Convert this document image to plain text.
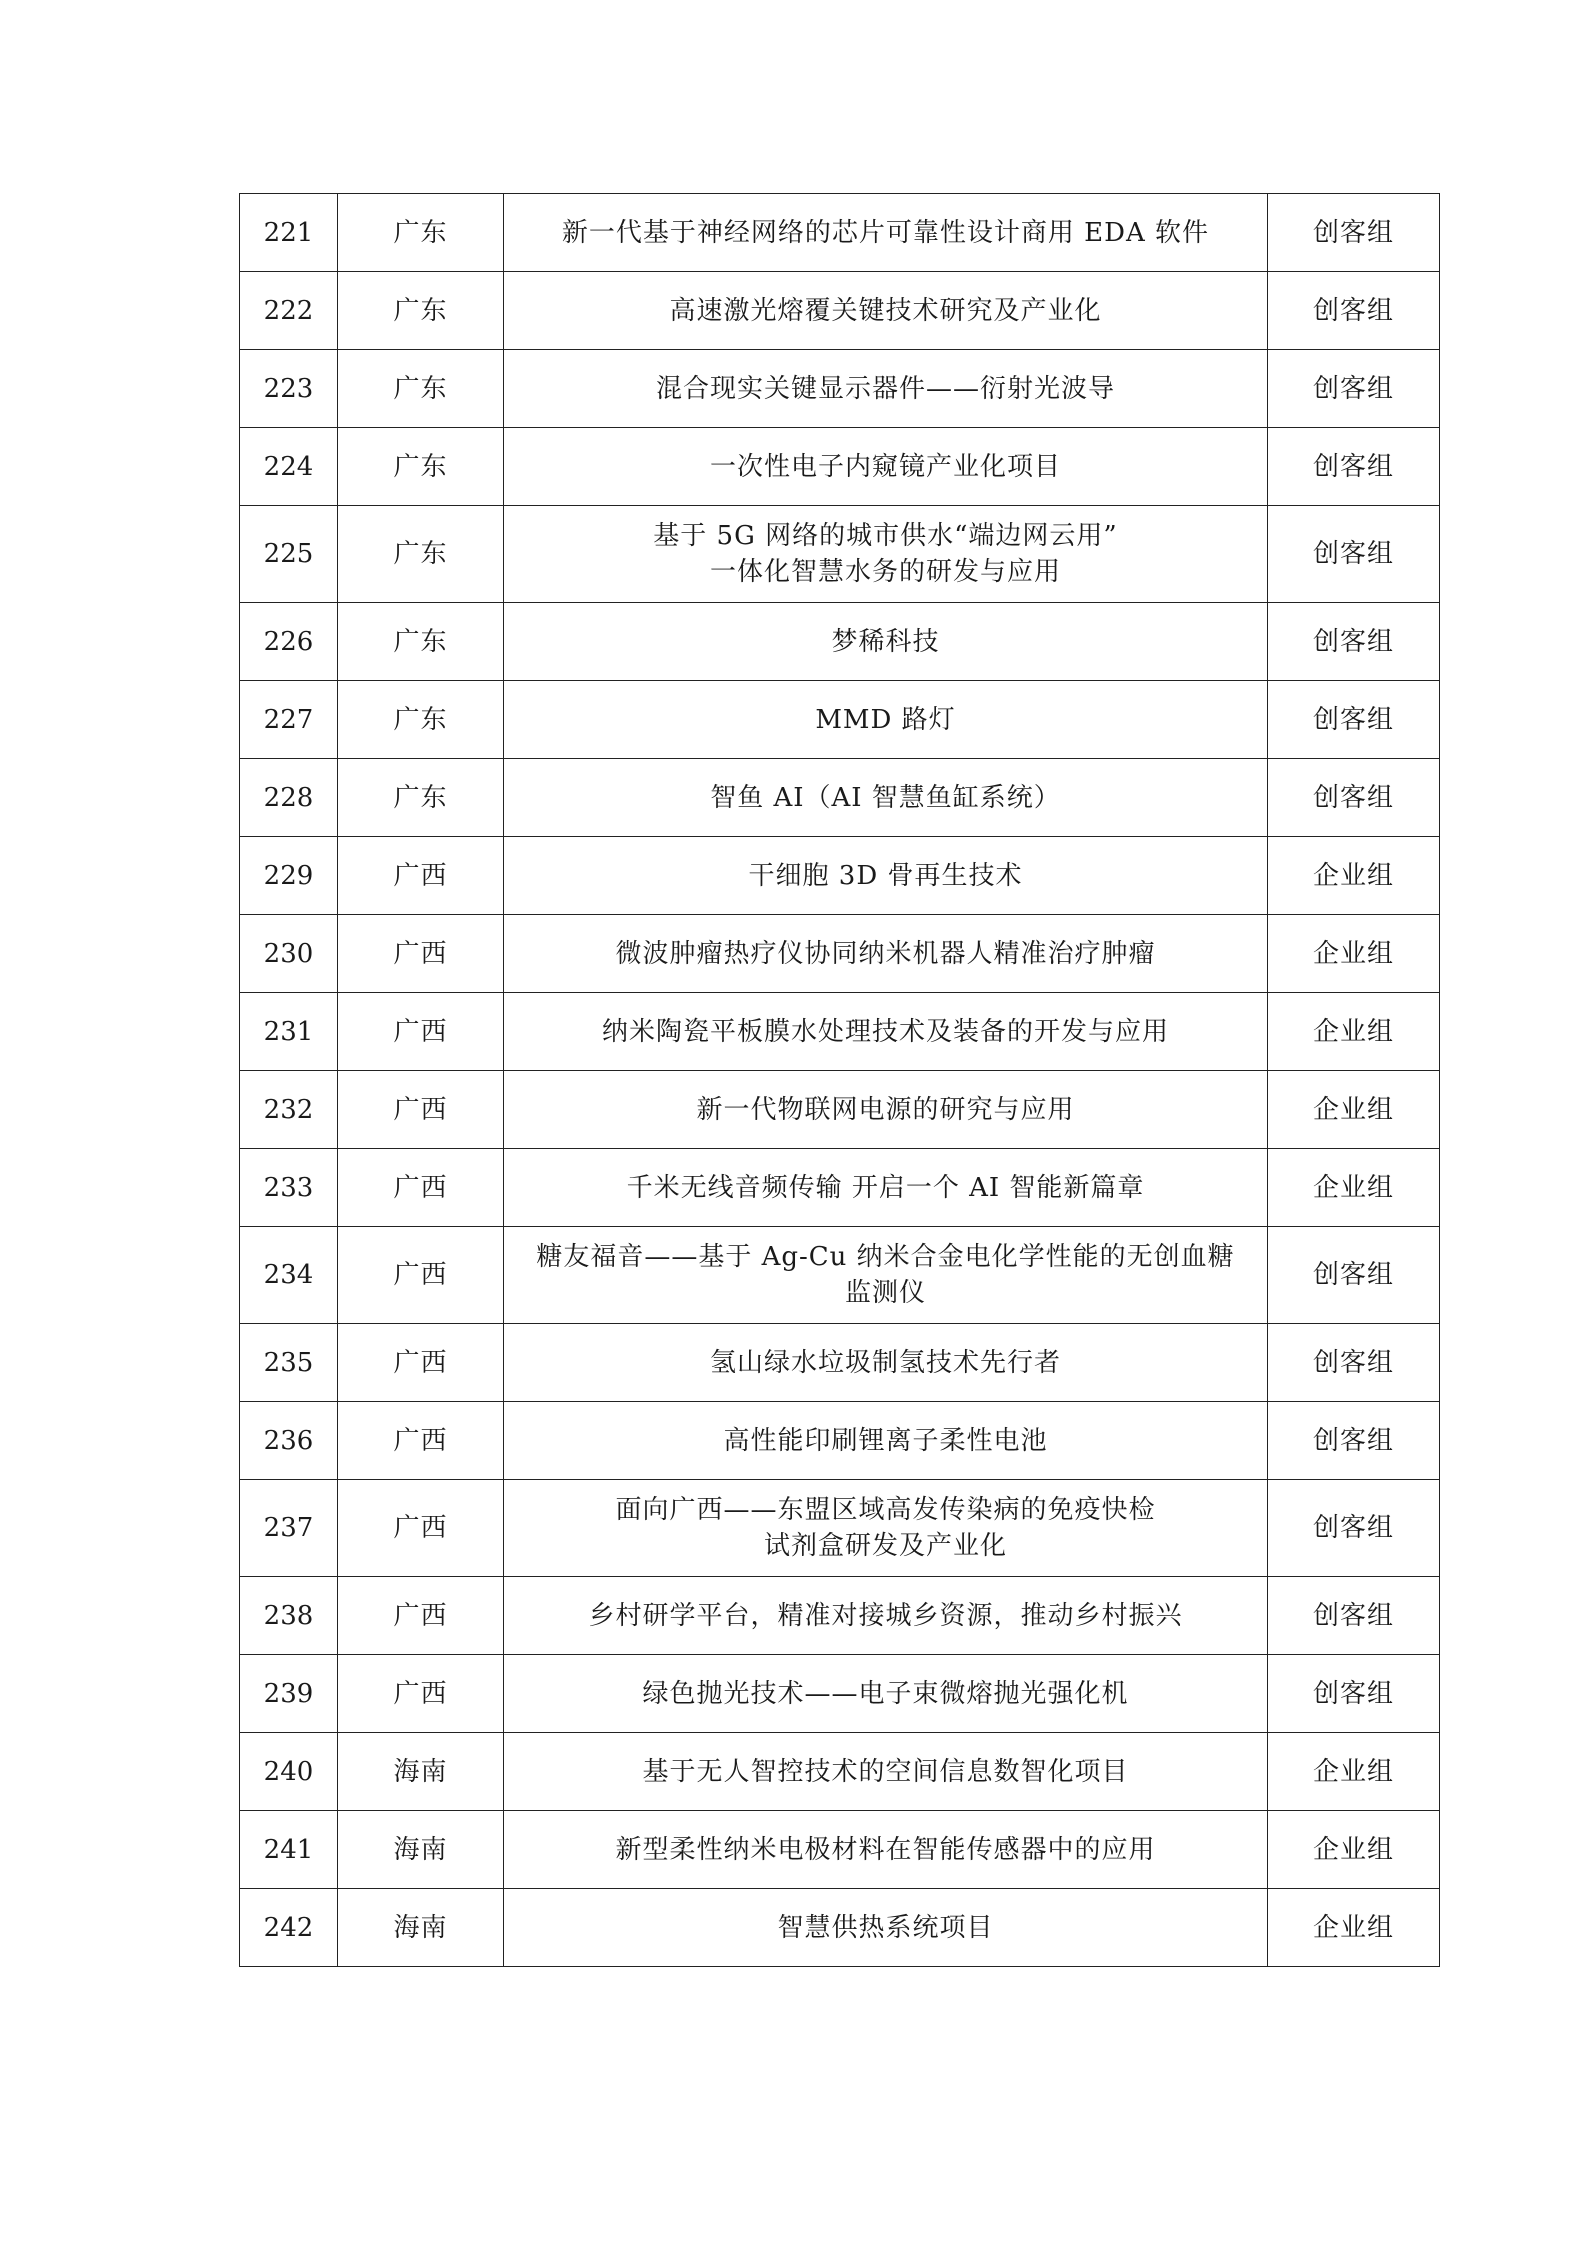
221	广东	新一代基于神经网络的芯片可靠性设计商用 EDA 软件	创客组
222	广东	高速激光熔覆关键技术研究及产业化	创客组
223	广东	混合现实关键显示器件——衍射光波导	创客组
224	广东	一次性电子内窥镜产业化项目	创客组
225	广东	基于 5G 网络的城市供水“端边网云用”
一体化智慧水务的研发与应用	创客组
226	广东	梦稀科技	创客组
227	广东	MMD 路灯	创客组
228	广东	智鱼 AI（AI 智慧鱼缸系统）	创客组
229	广西	干细胞 3D 骨再生技术	企业组
230	广西	微波肿瘤热疗仪协同纳米机器人精准治疗肿瘤	企业组
231	广西	纳米陶瓷平板膜水处理技术及装备的开发与应用	企业组
232	广西	新一代物联网电源的研究与应用	企业组
233	广西	千米无线音频传输 开启一个 AI 智能新篇章	企业组
234	广西	糖友福音——基于 Ag-Cu 纳米合金电化学性能的无创血糖
监测仪	创客组
235	广西	氢山绿水垃圾制氢技术先行者	创客组
236	广西	高性能印刷锂离子柔性电池	创客组
237	广西	面向广西——东盟区域高发传染病的免疫快检
试剂盒研发及产业化	创客组
238	广西	乡村研学平台，精准对接城乡资源，推动乡村振兴	创客组
239	广西	绿色抛光技术——电子束微熔抛光强化机	创客组
240	海南	基于无人智控技术的空间信息数智化项目	企业组
241	海南	新型柔性纳米电极材料在智能传感器中的应用	企业组
242	海南	智慧供热系统项目	企业组
